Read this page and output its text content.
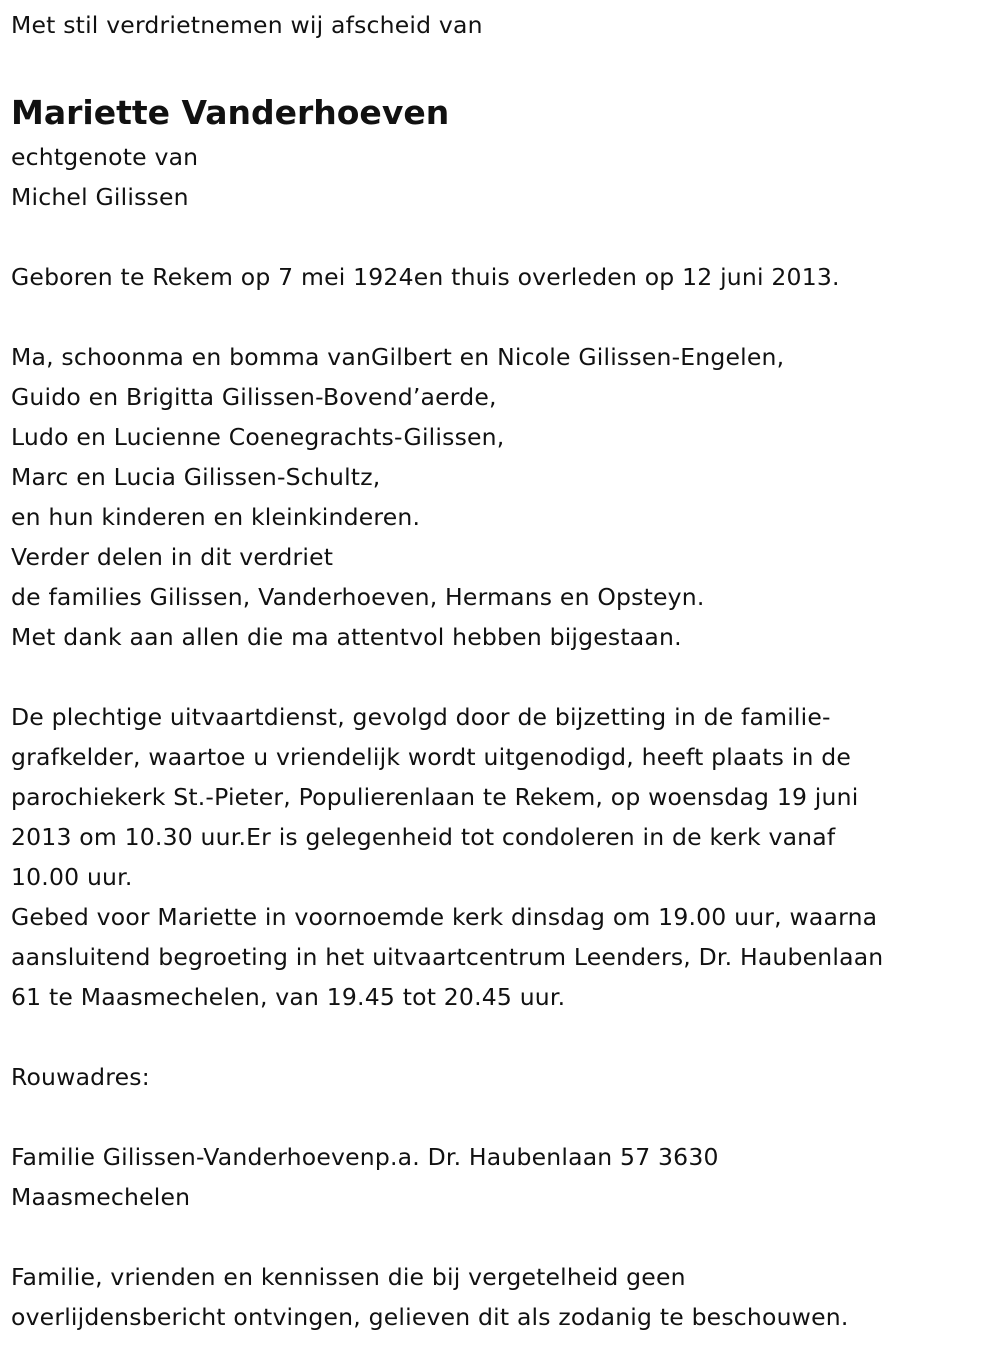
Met stil verdrietnemen wij afscheid van
Mariette Vanderhoeven
echtgenote van
Michel Gilissen
Geboren te Rekem op 7 mei 1924en thuis overleden op 12 juni 2013.
Ma, schoonma en bomma vanGilbert en Nicole Gilissen-Engelen,
Guido en Brigitta Gilissen-Bovend’aerde,
Ludo en Lucienne Coenegrachts-Gilissen,
Marc en Lucia Gilissen-Schultz,
en hun kinderen en kleinkinderen.
Verder delen in dit verdriet
de families Gilissen, Vanderhoeven, Hermans en Opsteyn.
Met dank aan allen die ma attentvol hebben bijgestaan.
De plechtige uitvaartdienst, gevolgd door de bijzetting in de familie-
grafkelder, waartoe u vriendelijk wordt uitgenodigd, heeft plaats in de
parochiekerk St.-Pieter, Populierenlaan te Rekem, op woensdag 19 juni
2013 om 10.30 uur.Er is gelegenheid tot condoleren in de kerk vanaf
10.00 uur.
Gebed voor Mariette in voornoemde kerk dinsdag om 19.00 uur, waarna
aansluitend begroeting in het uitvaartcentrum Leenders, Dr. Haubenlaan
61 te Maasmechelen, van 19.45 tot 20.45 uur.
Rouwadres:
Familie Gilissen-Vanderhoevenp.a. Dr. Haubenlaan 57 3630
Maasmechelen
Familie, vrienden en kennissen die bij vergetelheid geen
overlijdensbericht ontvingen, gelieven dit als zodanig te beschouwen.
